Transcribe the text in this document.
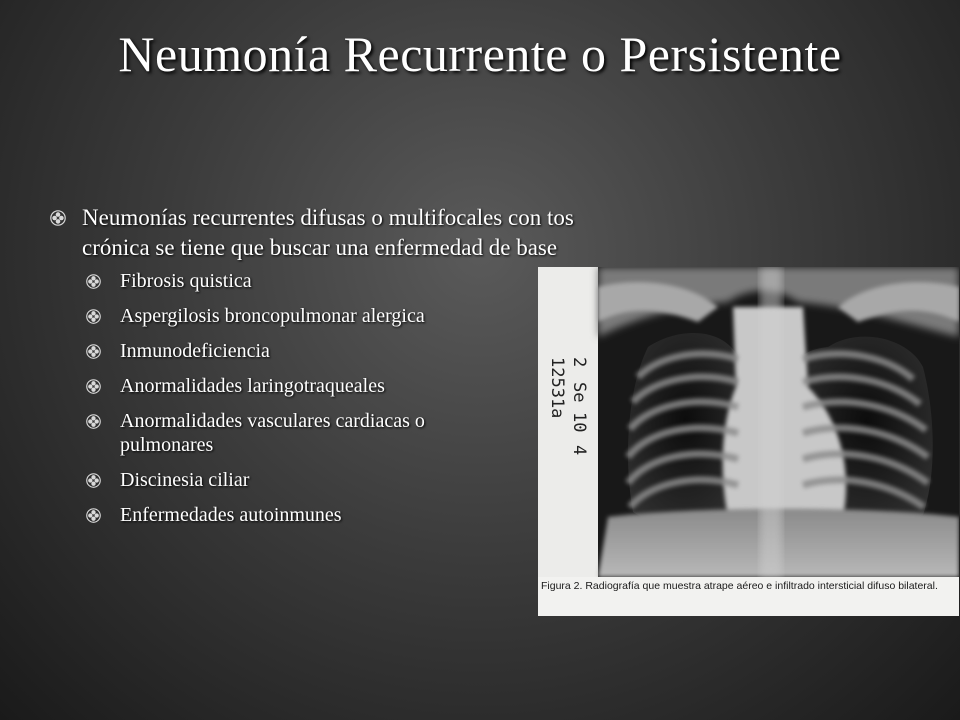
Neumonía Recurrente o Persistente
Neumonías recurrentes difusas o multifocales con tos crónica se tiene que buscar una enfermedad de base
Fibrosis quistica
Aspergilosis broncopulmonar alergica
Inmunodeficiencia
Anormalidades laringotraqueales
Anormalidades vasculares cardiacas o pulmonares
Discinesia ciliar
Enfermedades autoinmunes
2
Se
10
4
12531a
Figura 2. Radiografía que muestra atrape aéreo e infiltrado intersticial difuso bilateral.
